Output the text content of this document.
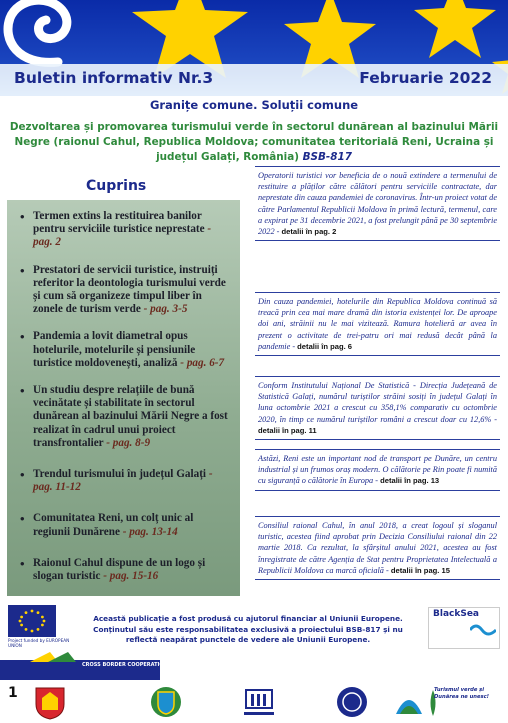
Buletin informativ Nr.3	Februarie 2022
Granițe comune. Soluții comune
Dezvoltarea și promovarea turismului verde în sectorul dunărean al bazinului Mării Negre (raionul Cahul, Republica Moldova; comunitatea teritorială Reni, Ucraina și județul Galați, România) BSB-817
Cuprins
• Termen extins la restituirea banilor pentru serviciile turistice neprestate - pag. 2
• Prestatori de servicii turistice, instruiți referitor la deontologia turismului verde și cum să organizeze timpul liber în zonele de turism verde - pag. 3-5
• Pandemia a lovit diametral opus hotelurile, motelurile și pensiunile turistice moldovenești, analiză - pag. 6-7
• Un studiu despre relațiile de bună vecinătate și stabilitate în sectorul dunărean al bazinului Mării Negre a fost realizat în cadrul unui proiect transfrontalier - pag. 8-9
• Trendul turismului în județul Galați - pag. 11-12
• Comunitatea Reni, un colț unic al regiunii Dunărene - pag. 13-14
• Raionul Cahul dispune de un logo și slogan turistic - pag. 15-16
Operatorii turistici vor beneficia de o nouă extindere a termenului de restituire a plăților către călători pentru serviciile contractate, dar neprestate din cauza pandemiei de coronavirus. Într-un proiect votat de către Parlamentul Republicii Moldova în primă lectură, termenul, care a expirat pe 31 decembrie 2021, a fost prelungit până pe 30 septembrie 2022 - detalii în pag. 2
Din cauza pandemiei, hotelurile din Republica Moldova continuă să treacă prin cea mai mare dramă din istoria existenței lor. De aproape doi ani, străinii nu le mai vizitează. Ramura hotelieră ar avea în prezent o activitate de trei-patru ori mai redusă decât până la pandemie - detalii în pag. 6
Conform Institutului Național De Statistică - Direcția Județeană de Statistică Galați, numărul turiștilor străini sosiți în județul Galați în luna octombrie 2021 a crescut cu 358,1% comparativ cu octombrie 2020, în timp ce numărul turiștilor români a crescut doar cu 12,6% - detalii în pag. 11
Astăzi, Reni este un important nod de transport pe Dunăre, un centru industrial și un frumos oraș modern. O călătorie pe Rin poate fi numită cu siguranță o călătorie în Europa - detalii în pag. 13
Consiliul raional Cahul, în anul 2018, a creat logoul și sloganul turistic, acestea fiind aprobat prin Decizia Consiliului raional din 22 martie 2018. Ca rezultat, la sfârșitul anului 2021, acestea au fost înregistrate de către Agenția de Stat pentru Proprietatea Intelectuală a Republicii Moldova ca marcă oficială - detalii în pag. 15
Project funded by EUROPEAN UNION
Această publicație a fost produsă cu ajutorul financiar al Uniunii Europene. Conținutul său este responsabilitatea exclusivă a proiectului BSB-817 și nu reflectă neapărat punctele de vedere ale Uniunii Europene.
BlackSea
CROSS BORDER COOPERATION
1	Turismul verde și Dunărea ne unesc!
